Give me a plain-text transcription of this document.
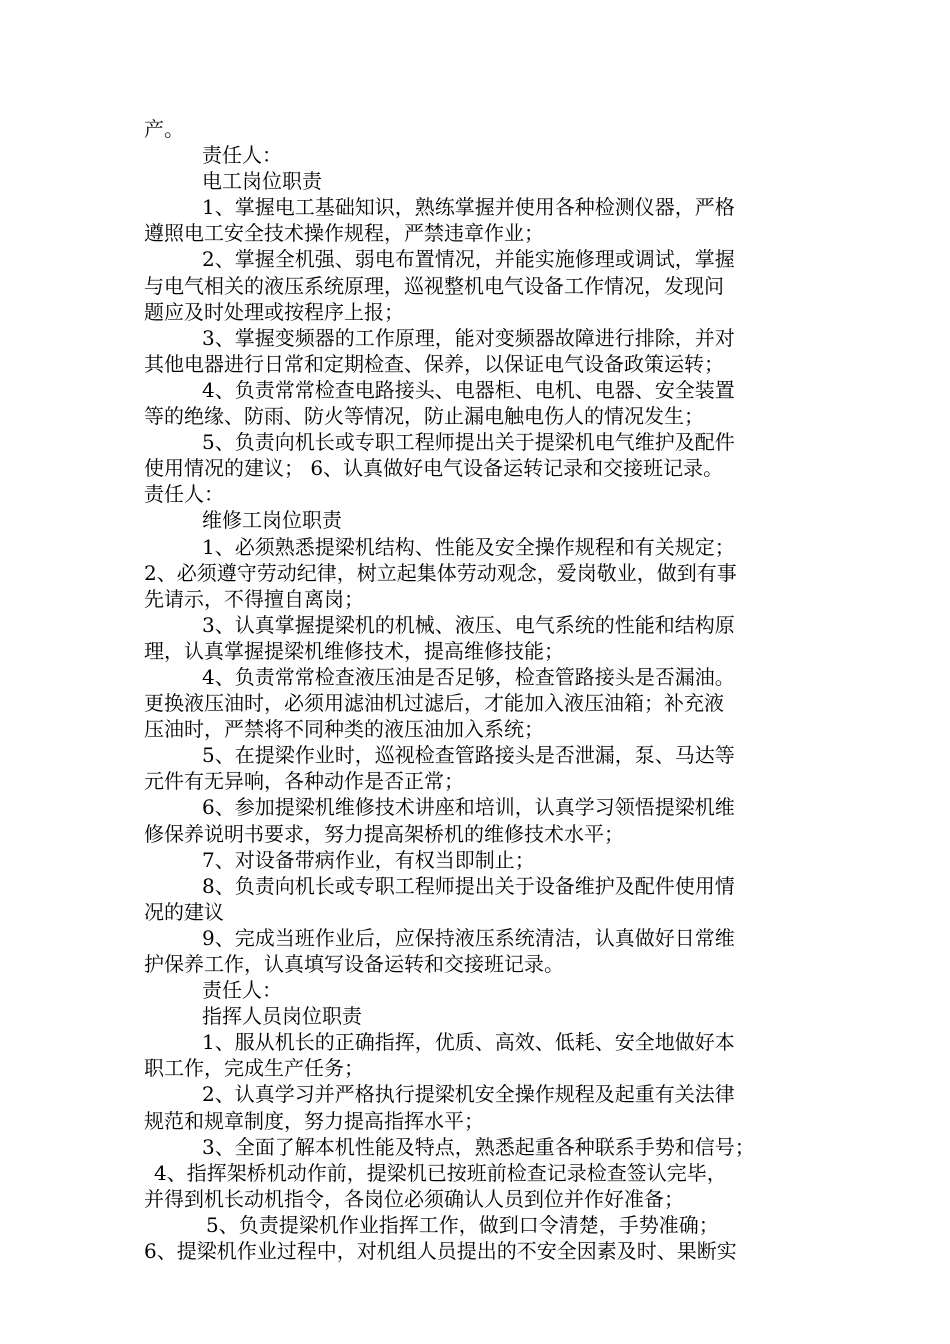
产。
责任人：
电工岗位职责
1、掌握电工基础知识，熟练掌握并使用各种检测仪器，严格
遵照电工安全技术操作规程，严禁违章作业；
2、掌握全机强、弱电布置情况，并能实施修理或调试，掌握
与电气相关的液压系统原理，巡视整机电气设备工作情况，发现问
题应及时处理或按程序上报；
3、掌握变频器的工作原理，能对变频器故障进行排除，并对
其他电器进行日常和定期检查、保养，以保证电气设备政策运转；
4、负责常常检查电路接头、电器柜、电机、电器、安全装置
等的绝缘、防雨、防火等情况，防止漏电触电伤人的情况发生；
5、负责向机长或专职工程师提出关于提梁机电气维护及配件
使用情况的建议； 6、认真做好电气设备运转记录和交接班记录。
责任人：
维修工岗位职责
1、必须熟悉提梁机结构、性能及安全操作规程和有关规定；
2、必须遵守劳动纪律，树立起集体劳动观念，爱岗敬业，做到有事
先请示，不得擅自离岗；
3、认真掌握提梁机的机械、液压、电气系统的性能和结构原
理，认真掌握提梁机维修技术，提高维修技能；
4、负责常常检查液压油是否足够，检查管路接头是否漏油。
更换液压油时，必须用滤油机过滤后，才能加入液压油箱；补充液
压油时，严禁将不同种类的液压油加入系统；
5、在提梁作业时，巡视检查管路接头是否泄漏，泵、马达等
元件有无异响，各种动作是否正常；
6、参加提梁机维修技术讲座和培训，认真学习领悟提梁机维
修保养说明书要求，努力提高架桥机的维修技术水平；
7、对设备带病作业，有权当即制止；
8、负责向机长或专职工程师提出关于设备维护及配件使用情
况的建议
9、完成当班作业后，应保持液压系统清洁，认真做好日常维
护保养工作，认真填写设备运转和交接班记录。
责任人：
指挥人员岗位职责
1、服从机长的正确指挥，优质、高效、低耗、安全地做好本
职工作，完成生产任务；
2、认真学习并严格执行提梁机安全操作规程及起重有关法律
规范和规章制度，努力提高指挥水平；
3、全面了解本机性能及特点，熟悉起重各种联系手势和信号；
4、指挥架桥机动作前，提梁机已按班前检查记录检查签认完毕，
并得到机长动机指令，各岗位必须确认人员到位并作好准备；
5、负责提梁机作业指挥工作，做到口令清楚，手势准确；
6、提梁机作业过程中，对机组人员提出的不安全因素及时、果断实
